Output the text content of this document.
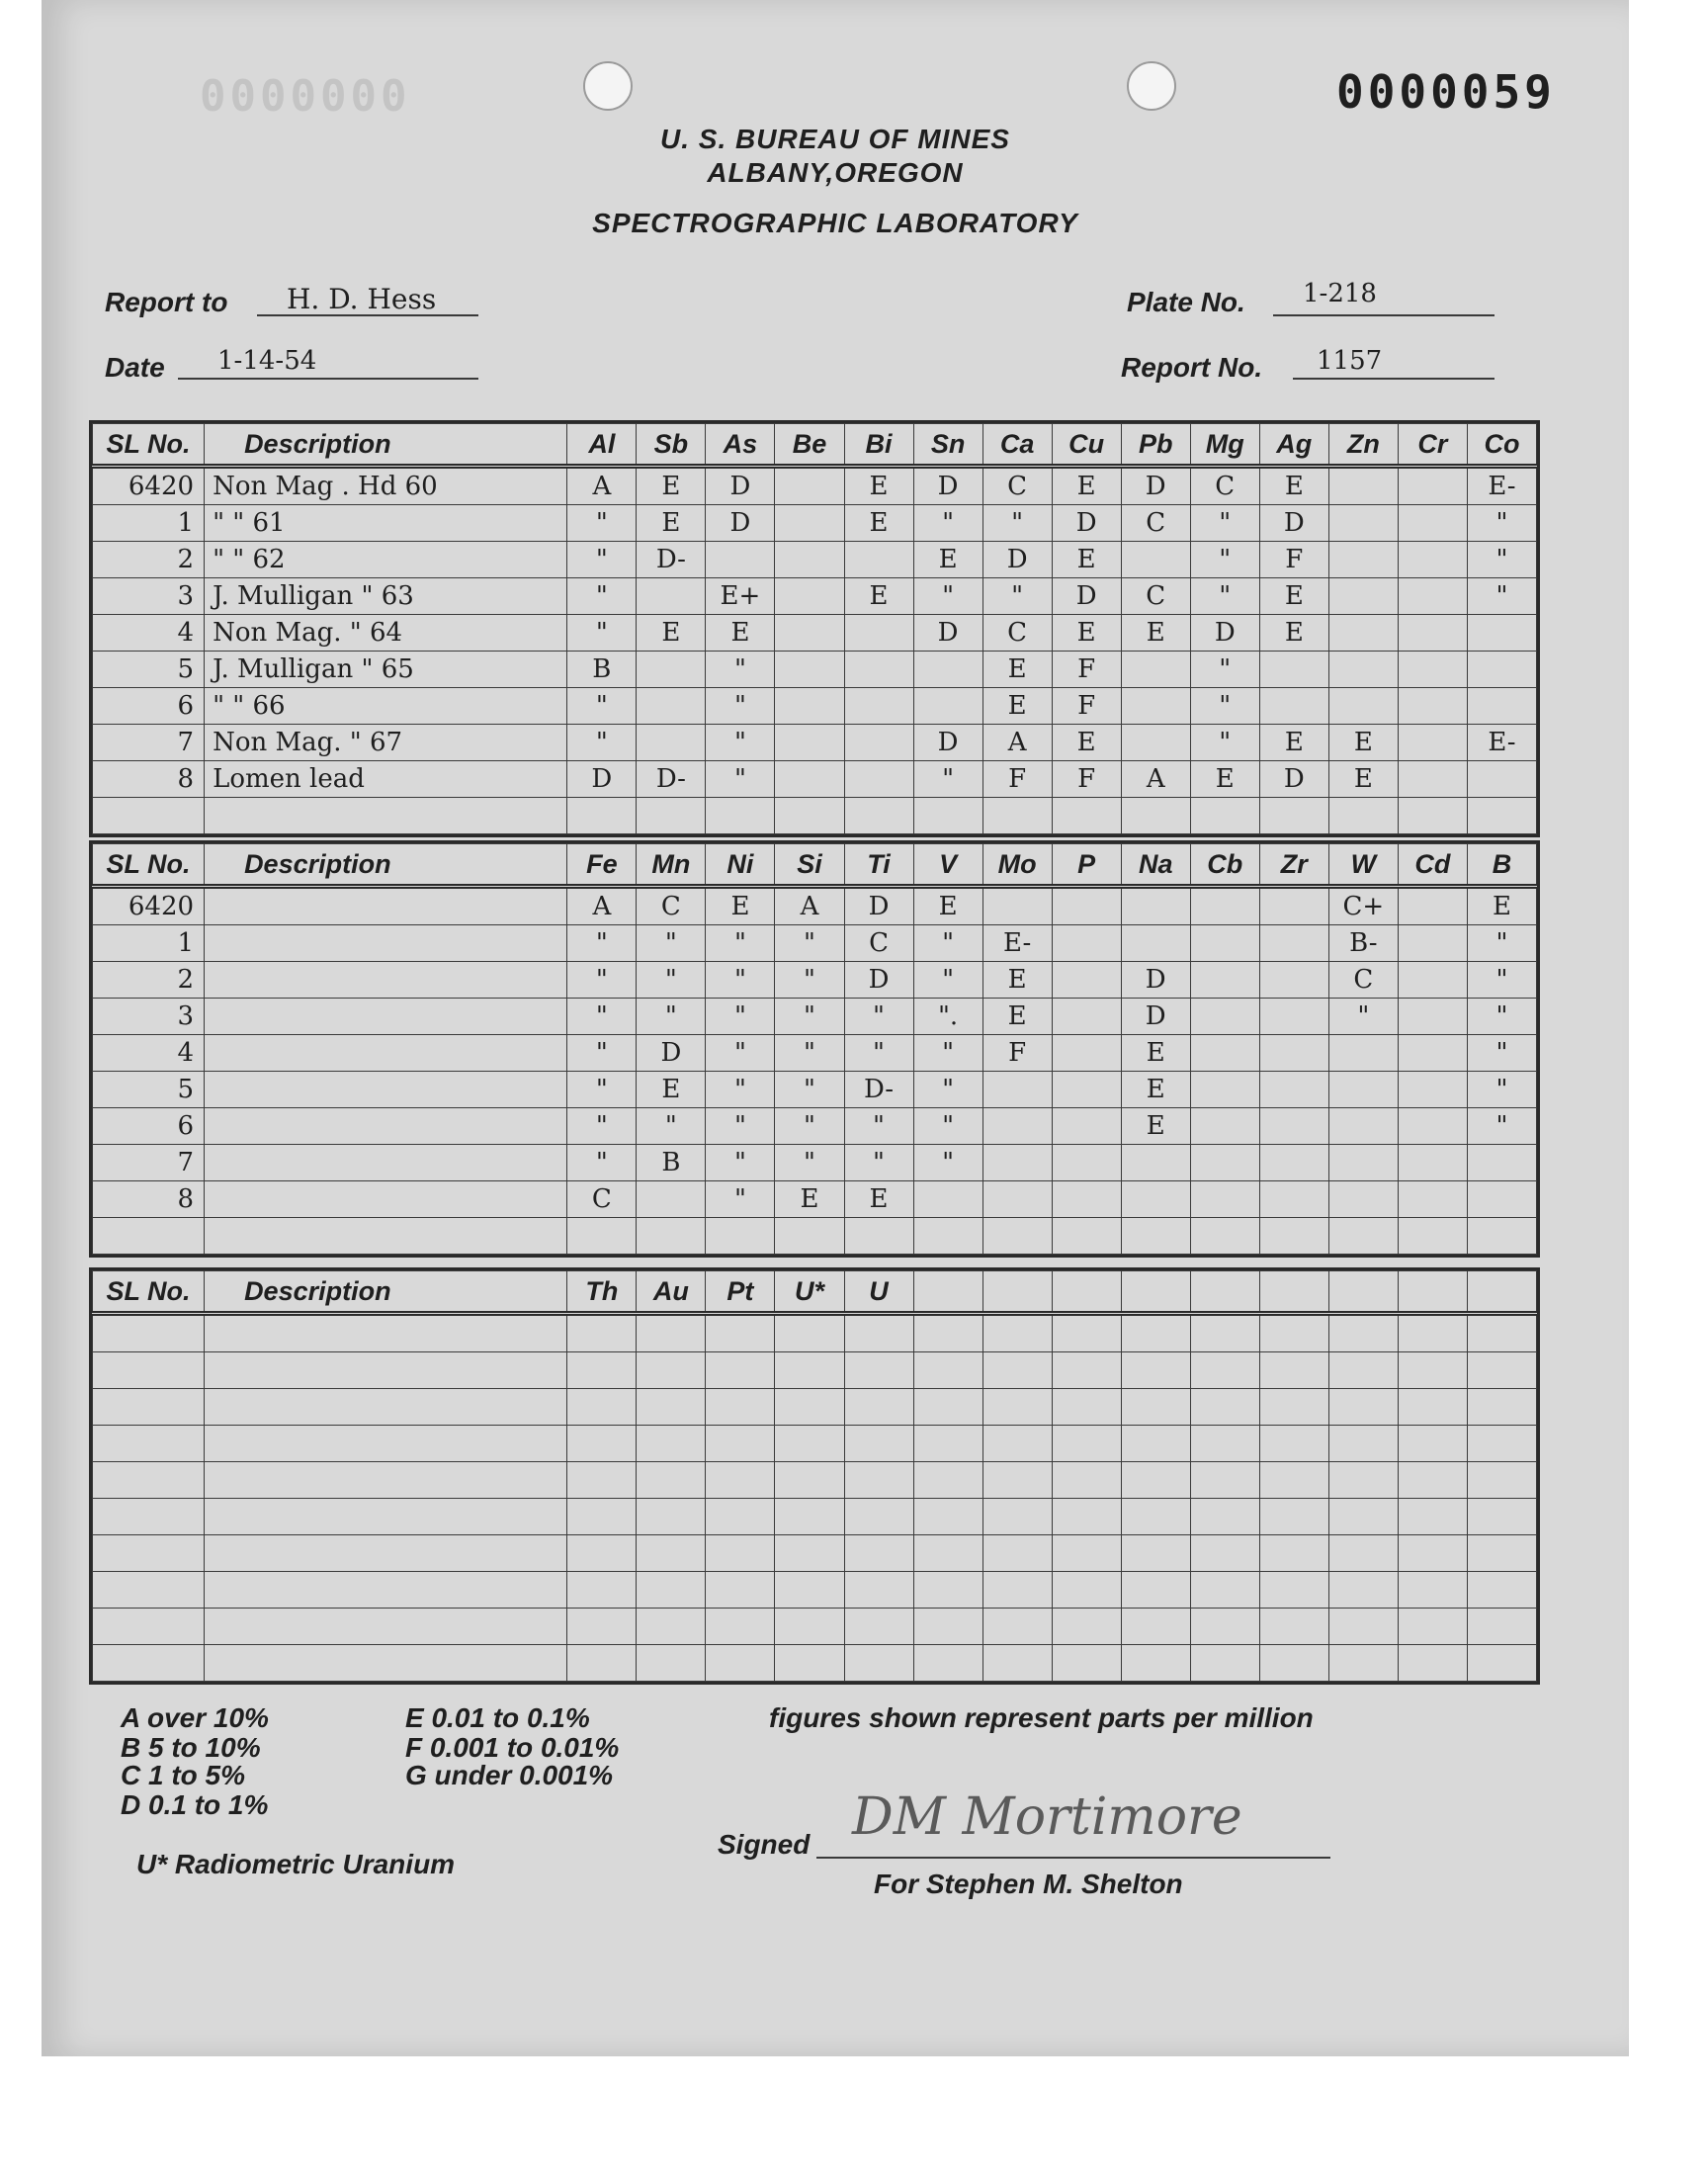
0000000	0000059
U. S. BUREAU OF MINES
ALBANY,OREGON
SPECTROGRAPHIC LABORATORY
Report to H. D. Hess	Plate No. 1-218
Date 1-14-54	Report No. 1157
SL No.	Description	Al	Sb	As	Be	Bi	Sn	Ca	Cu	Pb	Mg	Ag	Zn	Cr	Co
6420	Non Mag . Hd 60	A	E	D		E	D	C	E	D	C	E			E-
1	" " 61	"	E	D		E	"	"	D	C	"	D			"
2	" " 62	"	D-				E	D	E		"	F			"
3	J. Mulligan " 63	"		E+		E	"	"	D	C	"	E			"
4	Non Mag. " 64	"	E	E			D	C	E	E	D	E			
5	J. Mulligan " 65	B		"				E	F		"				
6	" " 66	"		"				E	F		"				
7	Non Mag. " 67	"		"			D	A	E		"	E	E		E-
8	Lomen lead	D	D-	"			"	F	F	A	E	D	E		

SL No.	Description	Fe	Mn	Ni	Si	Ti	V	Mo	P	Na	Cb	Zr	W	Cd	B
6420		A	C	E	A	D	E						C+		E
1		"	"	"	"	C	"	E-					B-		"
2		"	"	"	"	D	"	E		D			C		"
3		"	"	"	"	"	".	E		D			"		"
4		"	D	"	"	"	"	F		E					"
5		"	E	"	"	D-	"			E					"
6		"	"	"	"	"	"			E					"
7		"	B	"	"	"	"								
8		C		"	E	E									

SL No.	Description	Th	Au	Pt	U*	U									

A over 10%
B 5 to 10%
C 1 to 5%
D 0.1 to 1%
E 0.01 to 0.1%
F 0.001 to 0.01%
G under 0.001%
figures shown represent parts per million
U* Radiometric Uranium
Signed DM Mortimore
For Stephen M. Shelton
